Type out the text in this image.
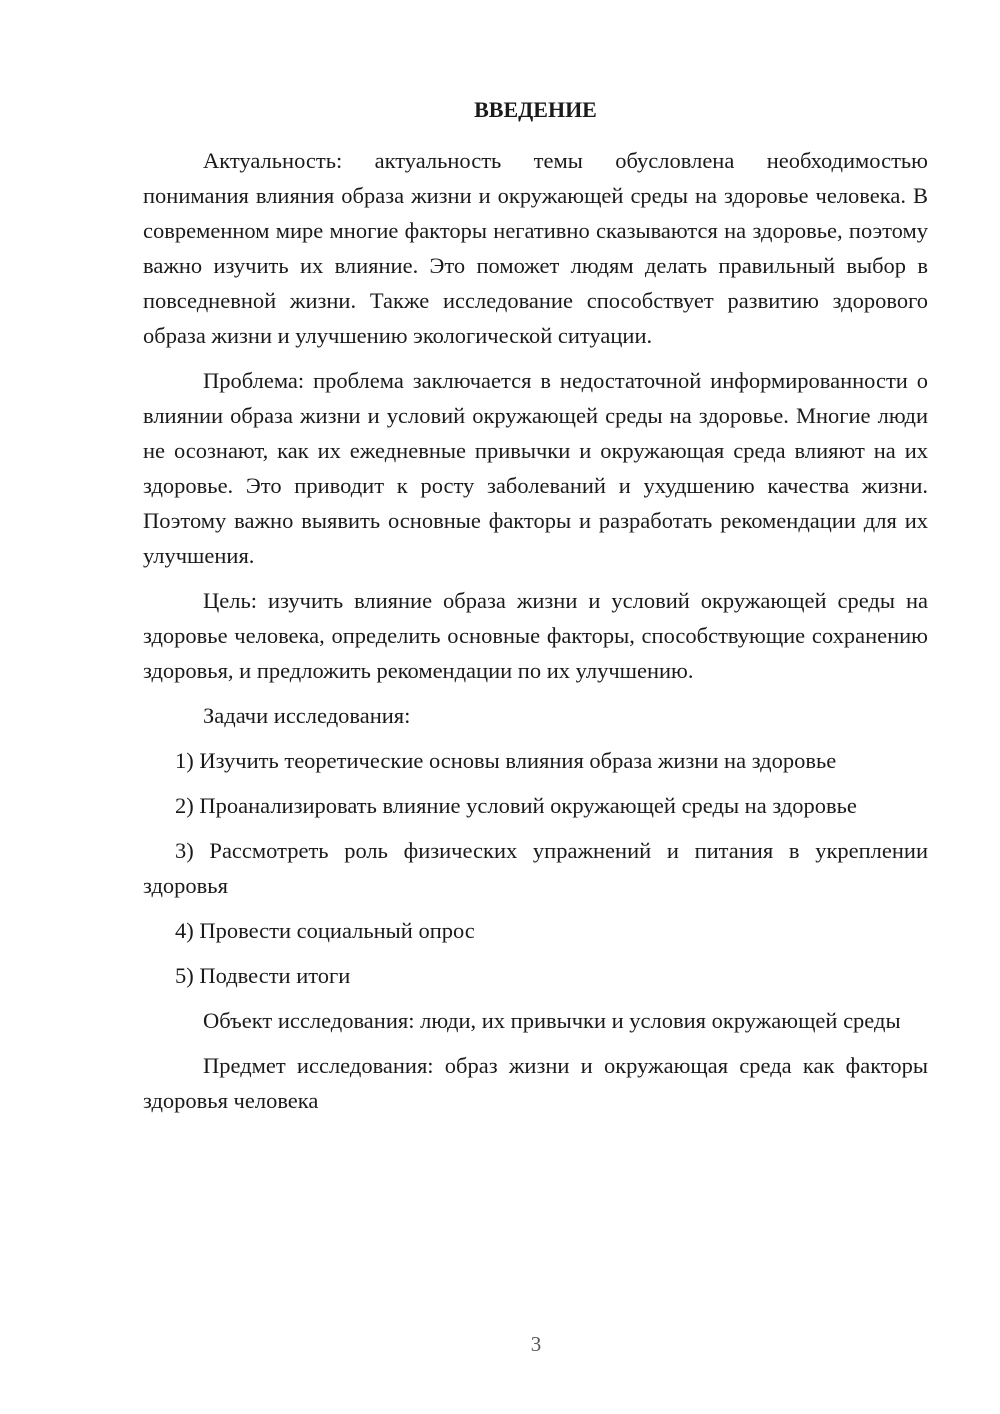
ВВЕДЕНИЕ

Актуальность: актуальность темы обусловлена необходимостью понимания влияния образа жизни и окружающей среды на здоровье человека. В современном мире многие факторы негативно сказываются на здоровье, поэтому важно изучить их влияние. Это поможет людям делать правильный выбор в повседневной жизни. Также исследование способствует развитию здорового образа жизни и улучшению экологической ситуации.

Проблема: проблема заключается в недостаточной информированности о влиянии образа жизни и условий окружающей среды на здоровье. Многие люди не осознают, как их ежедневные привычки и окружающая среда влияют на их здоровье. Это приводит к росту заболеваний и ухудшению качества жизни. Поэтому важно выявить основные факторы и разработать рекомендации для их улучшения.

Цель: изучить влияние образа жизни и условий окружающей среды на здоровье человека, определить основные факторы, способствующие сохранению здоровья, и предложить рекомендации по их улучшению.

Задачи исследования:

1) Изучить теоретические основы влияния образа жизни на здоровье

2) Проанализировать влияние условий окружающей среды на здоровье

3) Рассмотреть роль физических упражнений и питания в укреплении здоровья

4) Провести социальный опрос

5) Подвести итоги

Объект исследования: люди, их привычки и условия окружающей среды

Предмет исследования: образ жизни и окружающая среда как факторы здоровья человека

3
